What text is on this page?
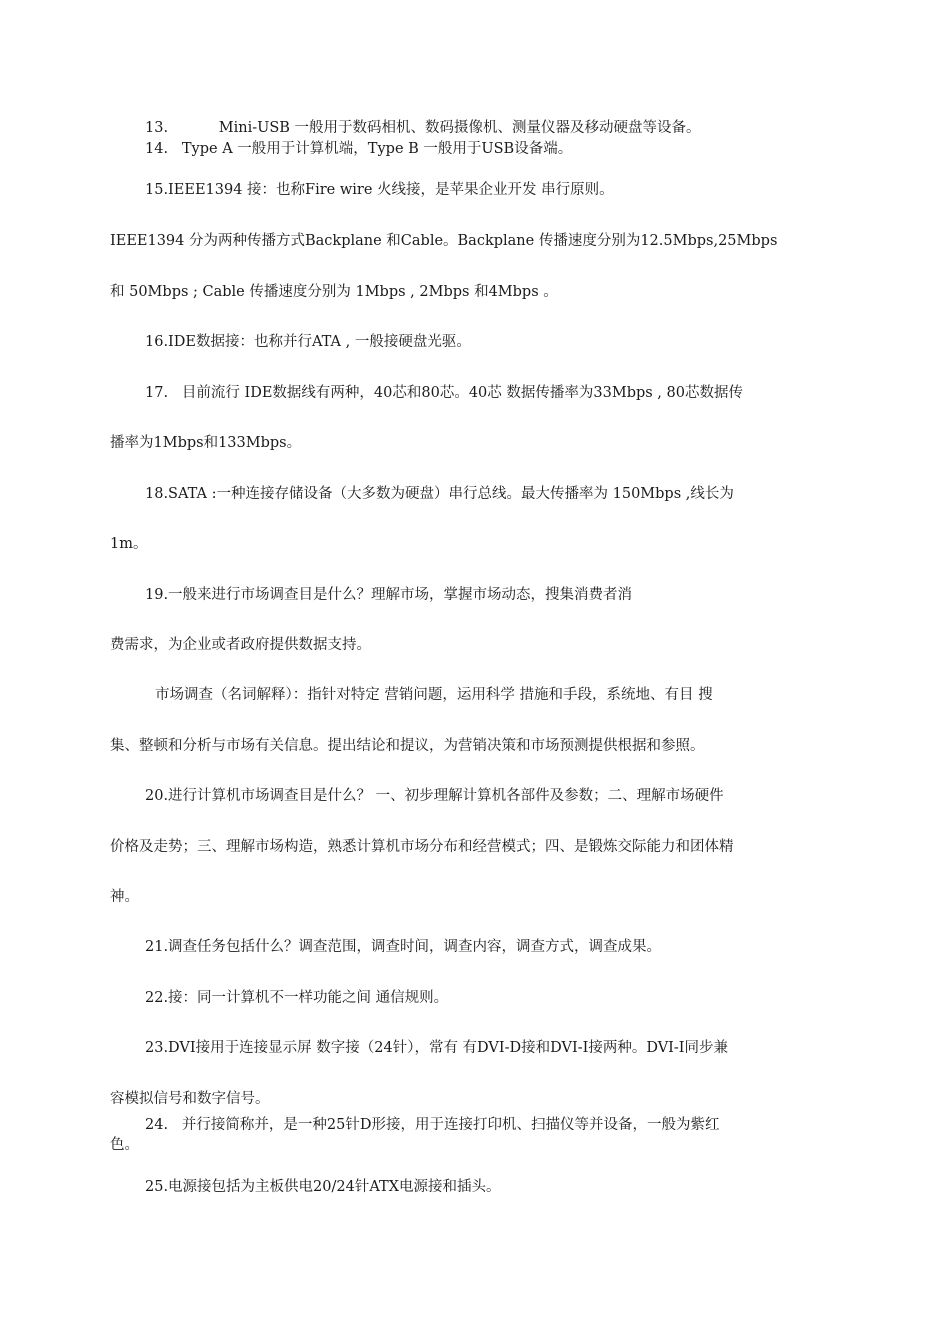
13.           Mini-USB 一般用于数码相机、数码摄像机、测量仪器及移动硬盘等设备。
14.   Type A 一般用于计算机端，Type B 一般用于USB设备端。
15.IEEE1394 接：也称Fire wire 火线接，是苹果企业开发 串行原则。
IEEE1394 分为两种传播方式Backplane 和Cable。Backplane 传播速度分别为12.5Mbps,25Mbps
和 50Mbps ; Cable 传播速度分别为 1Mbps , 2Mbps 和4Mbps 。
16.IDE数据接：也称并行ATA , 一般接硬盘光驱。
17.   目前流行 IDE数据线有两种，40芯和80芯。40芯 数据传播率为33Mbps , 80芯数据传
播率为1Mbps和133Mbps。
18.SATA :一种连接存储设备（大多数为硬盘）串行总线。最大传播率为 150Mbps ,线长为
1m。
19.一般来进行市场调查目是什么？理解市场，掌握市场动态，搜集消费者消
费需求，为企业或者政府提供数据支持。
市场调查（名词解释）：指针对特定 营销问题，运用科学 措施和手段，系统地、有目 搜
集、整顿和分析与市场有关信息。提出结论和提议，为营销决策和市场预测提供根据和参照。
20.进行计算机市场调查目是什么？ 一、初步理解计算机各部件及参数；二、理解市场硬件
价格及走势；三、理解市场构造，熟悉计算机市场分布和经营模式；四、是锻炼交际能力和团体精
神。
21.调查任务包括什么？调查范围，调查时间，调查内容，调查方式，调查成果。
22.接：同一计算机不一样功能之间 通信规则。
23.DVI接用于连接显示屏 数字接（24针），常有 有DVI-D接和DVI-I接两种。DVI-I同步兼
容模拟信号和数字信号。
24.   并行接简称并，是一种25针D形接，用于连接打印机、扫描仪等并设备，一般为紫红
色。
25.电源接包括为主板供电20/24针ATX电源接和插头。
